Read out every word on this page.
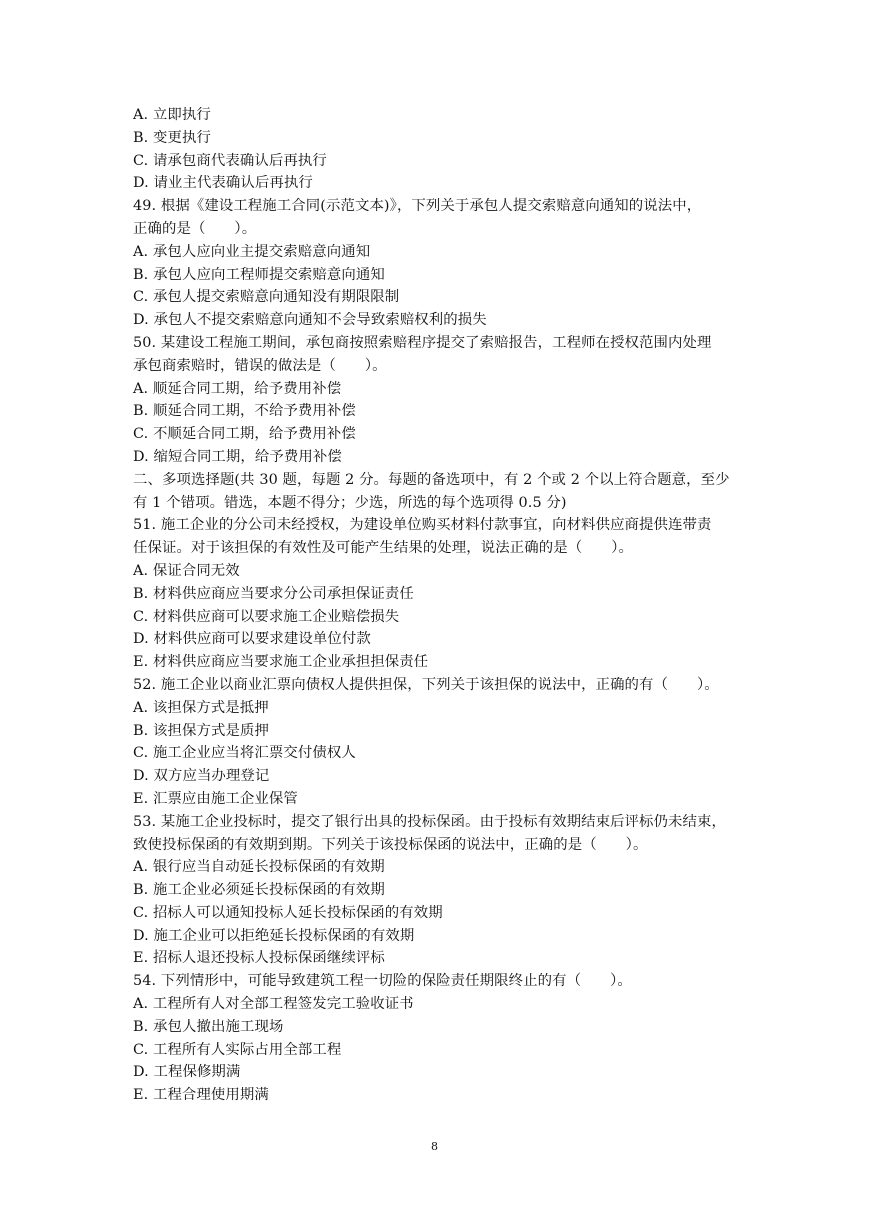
A. 立即执行
B. 变更执行
C. 请承包商代表确认后再执行
D. 请业主代表确认后再执行
49. 根据《建设工程施工合同(示范文本)》，下列关于承包人提交索赔意向通知的说法中，
正确的是（　　）。
A. 承包人应向业主提交索赔意向通知
B. 承包人应向工程师提交索赔意向通知
C. 承包人提交索赔意向通知没有期限限制
D. 承包人不提交索赔意向通知不会导致索赔权利的损失
50. 某建设工程施工期间，承包商按照索赔程序提交了索赔报告，工程师在授权范围内处理
承包商索赔时，错误的做法是（　　）。
A. 顺延合同工期，给予费用补偿
B. 顺延合同工期，不给予费用补偿
C. 不顺延合同工期，给予费用补偿
D. 缩短合同工期，给予费用补偿
二、多项选择题(共 30 题，每题 2 分。每题的备选项中，有 2 个或 2 个以上符合题意，至少
有 1 个错项。错选，本题不得分；少选，所选的每个选项得 0.5 分)
51. 施工企业的分公司未经授权，为建设单位购买材料付款事宜，向材料供应商提供连带责
任保证。对于该担保的有效性及可能产生结果的处理，说法正确的是（　　）。
A. 保证合同无效
B. 材料供应商应当要求分公司承担保证责任
C. 材料供应商可以要求施工企业赔偿损失
D. 材料供应商可以要求建设单位付款
E. 材料供应商应当要求施工企业承担担保责任
52. 施工企业以商业汇票向债权人提供担保，下列关于该担保的说法中，正确的有（　　）。
A. 该担保方式是抵押
B. 该担保方式是质押
C. 施工企业应当将汇票交付债权人
D. 双方应当办理登记
E. 汇票应由施工企业保管
53. 某施工企业投标时，提交了银行出具的投标保函。由于投标有效期结束后评标仍未结束，
致使投标保函的有效期到期。下列关于该投标保函的说法中，正确的是（　　）。
A. 银行应当自动延长投标保函的有效期
B. 施工企业必须延长投标保函的有效期
C. 招标人可以通知投标人延长投标保函的有效期
D. 施工企业可以拒绝延长投标保函的有效期
E. 招标人退还投标人投标保函继续评标
54. 下列情形中，可能导致建筑工程一切险的保险责任期限终止的有（　　）。
A. 工程所有人对全部工程签发完工验收证书
B. 承包人撤出施工现场
C. 工程所有人实际占用全部工程
D. 工程保修期满
E. 工程合理使用期满
8
